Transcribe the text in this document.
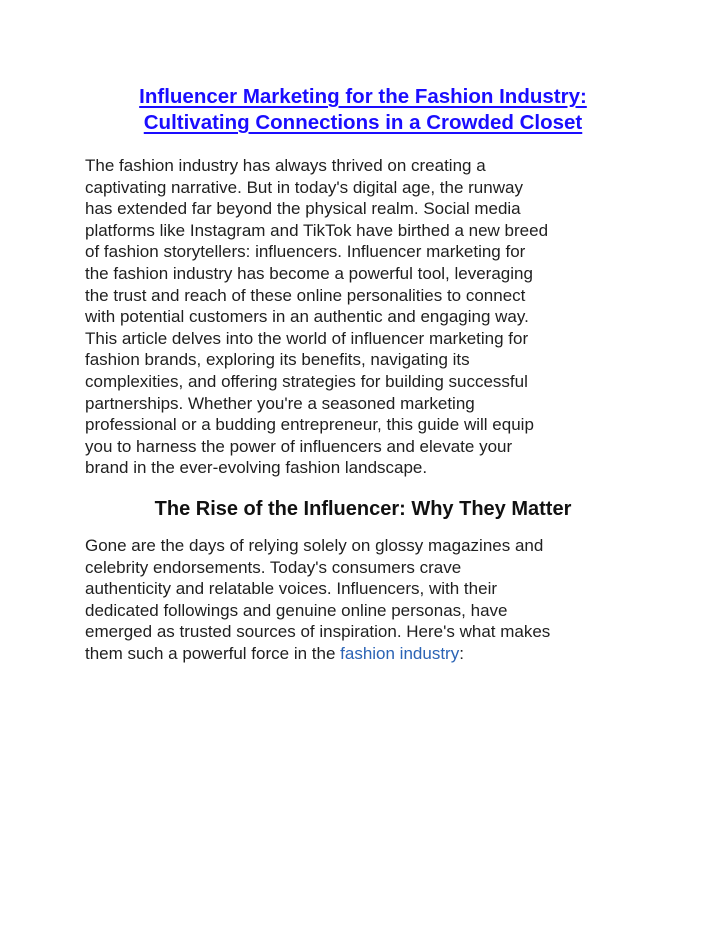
Influencer Marketing for the Fashion Industry:
Cultivating Connections in a Crowded Closet

The fashion industry has always thrived on creating a
captivating narrative. But in today's digital age, the runway
has extended far beyond the physical realm. Social media
platforms like Instagram and TikTok have birthed a new breed
of fashion storytellers: influencers. Influencer marketing for
the fashion industry has become a powerful tool, leveraging
the trust and reach of these online personalities to connect
with potential customers in an authentic and engaging way.
This article delves into the world of influencer marketing for
fashion brands, exploring its benefits, navigating its
complexities, and offering strategies for building successful
partnerships. Whether you're a seasoned marketing
professional or a budding entrepreneur, this guide will equip
you to harness the power of influencers and elevate your
brand in the ever-evolving fashion landscape.

The Rise of the Influencer: Why They Matter

Gone are the days of relying solely on glossy magazines and
celebrity endorsements. Today's consumers crave
authenticity and relatable voices. Influencers, with their
dedicated followings and genuine online personas, have
emerged as trusted sources of inspiration. Here's what makes
them such a powerful force in the fashion industry:
